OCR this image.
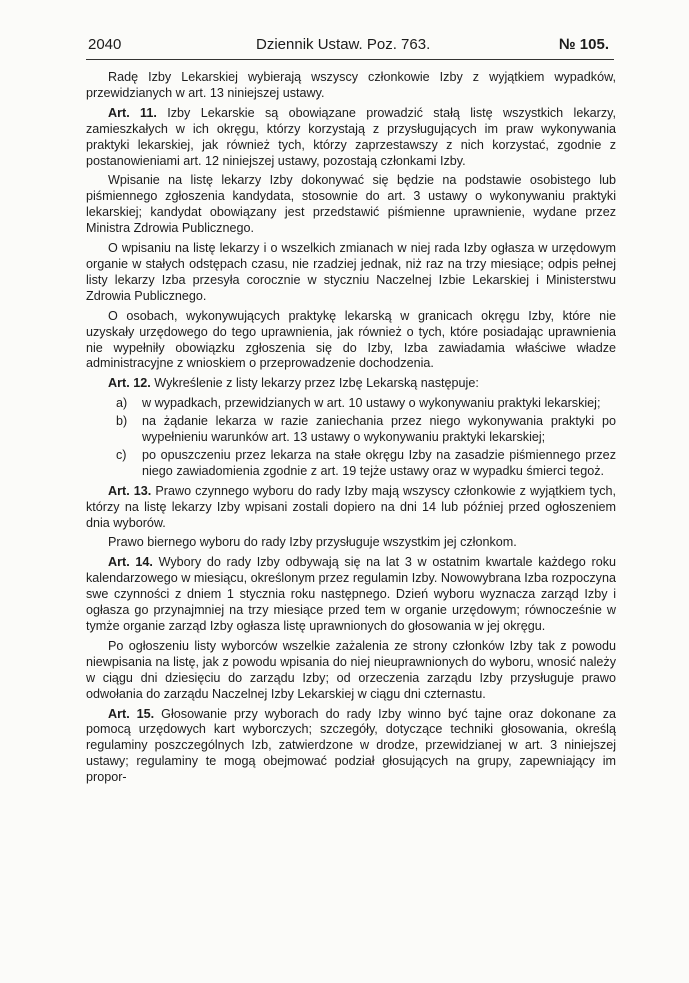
2040	Dziennik Ustaw. Poz. 763.	№ 105.

Radę Izby Lekarskiej wybierają wszyscy członkowie Izby z wyjątkiem wypadków, przewidzianych w art. 13 niniejszej ustawy.

Art. 11. Izby Lekarskie są obowiązane prowadzić stałą listę wszystkich lekarzy, zamieszkałych w ich okręgu, którzy korzystają z przysługujących im praw wykonywania praktyki lekarskiej, jak również tych, którzy zaprzestawszy z nich korzystać, zgodnie z postanowieniami art. 12 niniejszej ustawy, pozostają członkami Izby.

Wpisanie na listę lekarzy Izby dokonywać się będzie na podstawie osobistego lub piśmiennego zgłoszenia kandydata, stosownie do art. 3 ustawy o wykonywaniu praktyki lekarskiej; kandydat obowiązany jest przedstawić piśmienne uprawnienie, wydane przez Ministra Zdrowia Publicznego.

O wpisaniu na listę lekarzy i o wszelkich zmianach w niej rada Izby ogłasza w urzędowym organie w stałych odstępach czasu, nie rzadziej jednak, niż raz na trzy miesiące; odpis pełnej listy lekarzy Izba przesyła corocznie w styczniu Naczelnej Izbie Lekarskiej i Ministerstwu Zdrowia Publicznego.

O osobach, wykonywujących praktykę lekarską w granicach okręgu Izby, które nie uzyskały urzędowego do tego uprawnienia, jak również o tych, które posiadając uprawnienia nie wypełniły obowiązku zgłoszenia się do Izby, Izba zawiadamia właściwe władze administracyjne z wnioskiem o przeprowadzenie dochodzenia.

Art. 12. Wykreślenie z listy lekarzy przez Izbę Lekarską następuje:

a) w wypadkach, przewidzianych w art. 10 ustawy o wykonywaniu praktyki lekarskiej;
b) na żądanie lekarza w razie zaniechania przez niego wykonywania praktyki po wypełnieniu warunków art. 13 ustawy o wykonywaniu praktyki lekarskiej;
c) po opuszczeniu przez lekarza na stałe okręgu Izby na zasadzie piśmiennego przez niego zawiadomienia zgodnie z art. 19 tejże ustawy oraz w wypadku śmierci tegoż.

Art. 13. Prawo czynnego wyboru do rady Izby mają wszyscy członkowie z wyjątkiem tych, którzy na listę lekarzy Izby wpisani zostali dopiero na dni 14 lub później przed ogłoszeniem dnia wyborów.

Prawo biernego wyboru do rady Izby przysługuje wszystkim jej członkom.

Art. 14. Wybory do rady Izby odbywają się na lat 3 w ostatnim kwartale każdego roku kalendarzowego w miesiącu, określonym przez regulamin Izby. Nowowybrana Izba rozpoczyna swe czynności z dniem 1 stycznia roku następnego. Dzień wyboru wyznacza zarząd Izby i ogłasza go przynajmniej na trzy miesiące przed tem w organie urzędowym; równocześnie w tymże organie zarząd Izby ogłasza listę uprawnionych do głosowania w jej okręgu.

Po ogłoszeniu listy wyborców wszelkie zażalenia ze strony członków Izby tak z powodu niewpisania na listę, jak z powodu wpisania do niej nieuprawnionych do wyboru, wnosić należy w ciągu dni dziesięciu do zarządu Izby; od orzeczenia zarządu Izby przysługuje prawo odwołania do zarządu Naczelnej Izby Lekarskiej w ciągu dni czternastu.

Art. 15. Głosowanie przy wyborach do rady Izby winno być tajne oraz dokonane za pomocą urzędowych kart wyborczych; szczegóły, dotyczące techniki głosowania, określą regulaminy poszczególnych Izb, zatwierdzone w drodze, przewidzianej w art. 3 niniejszej ustawy; regulaminy te mogą obejmować podział głosujących na grupy, zapewniający im propor-
